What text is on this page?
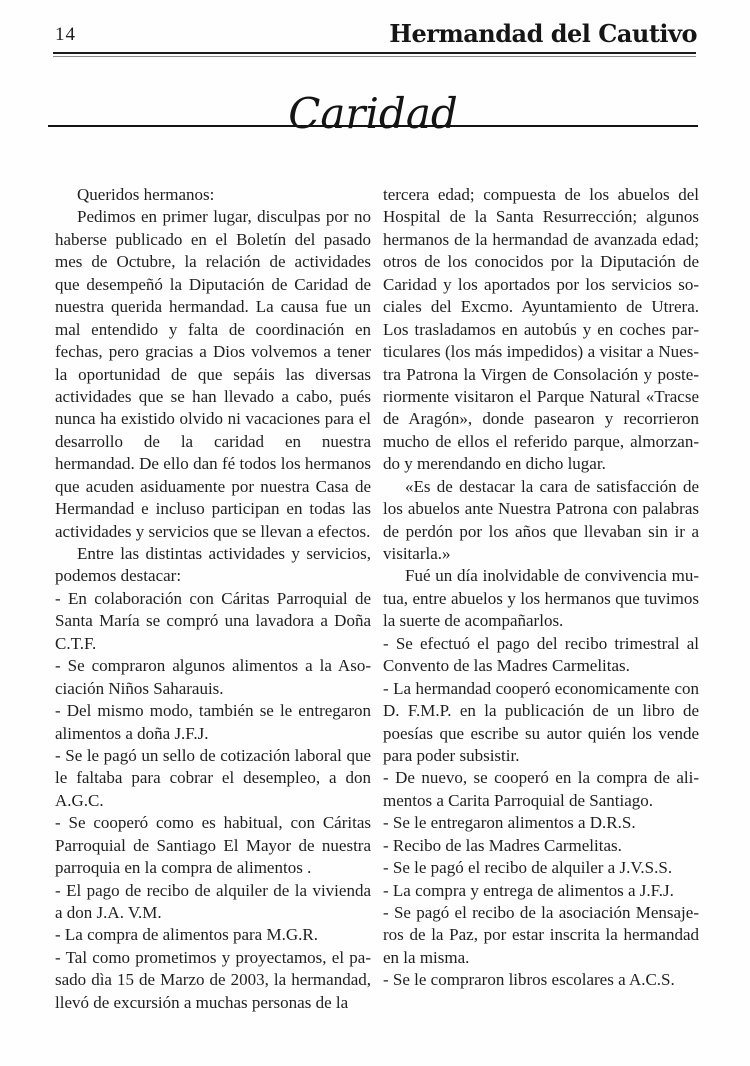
14	Hermandad del Cautivo
Caridad

Queridos hermanos:

Pedimos en primer lugar, disculpas por no haberse publicado en el Boletín del pasado mes de Octubre, la relación de actividades que desempeñó la Diputación de Caridad de nuestra querida hermandad. La causa fue un mal entendido y falta de coordinación en fechas, pero gracias a Dios volvemos a tener la oportunidad de que sepáis las diversas actividades que se han llevado a cabo, pués nunca ha existido olvido ni vacaciones para el desarrollo de la caridad en nuestra hermandad. De ello dan fé todos los hermanos que acuden asiduamente por nuestra Casa de Hermandad e incluso participan en todas las actividades y servicios que se llevan a efectos.

Entre las distintas actividades y servicios, podemos destacar:

- En colaboración con Cáritas Parroquial de Santa María se compró una lavadora a Doña C.T.F.

- Se compraron algunos alimentos a la Asociación Niños Saharauis.

- Del mismo modo, también se le entregaron alimentos a doña J.F.J.

- Se le pagó un sello de cotización laboral que le faltaba para cobrar el desempleo, a don A.G.C.

- Se cooperó como es habitual, con Cáritas Parroquial de Santiago El Mayor de nuestra parroquia en la compra de alimentos .

- El pago de recibo de alquiler de la vivienda a don J.A. V.M.

- La compra de alimentos para M.G.R.

- Tal como prometimos y proyectamos, el pasado dìa 15 de Marzo de 2003, la hermandad, llevó de excursión a muchas personas de la

tercera edad; compuesta de los abuelos del Hospital de la Santa Resurrección; algunos hermanos de la hermandad de avanzada edad; otros de los conocidos por la Diputación de Caridad y los aportados por los servicios sociales del Excmo. Ayuntamiento de Utrera. Los trasladamos en autobús y en coches particulares (los más impedidos) a visitar a Nuestra Patrona la Virgen de Consolación y posteriormente visitaron el Parque Natural «Tracse de Aragón», donde pasearon y recorrieron mucho de ellos el referido parque, almorzando y merendando en dicho lugar.

«Es de destacar la cara de satisfacción de los abuelos ante Nuestra Patrona con palabras de perdón por los años que llevaban sin ir a visitarla.»

Fué un día inolvidable de convivencia mutua, entre abuelos y los hermanos que tuvimos la suerte de acompañarlos.

- Se efectuó el pago del recibo trimestral al Convento de las Madres Carmelitas.

- La hermandad cooperó economicamente con D. F.M.P. en la publicación de un libro de poesías que escribe su autor quién los vende para poder subsistir.

- De nuevo, se cooperó en la compra de alimentos a Carita Parroquial de Santiago.

- Se le entregaron alimentos a D.R.S.

- Recibo de las Madres Carmelitas.

- Se le pagó el recibo de alquiler a J.V.S.S.

- La compra y entrega de alimentos a J.F.J.

- Se pagó el recibo de la asociación Mensajeros de la Paz, por estar inscrita la hermandad en la misma.

- Se le compraron libros escolares a A.C.S.
